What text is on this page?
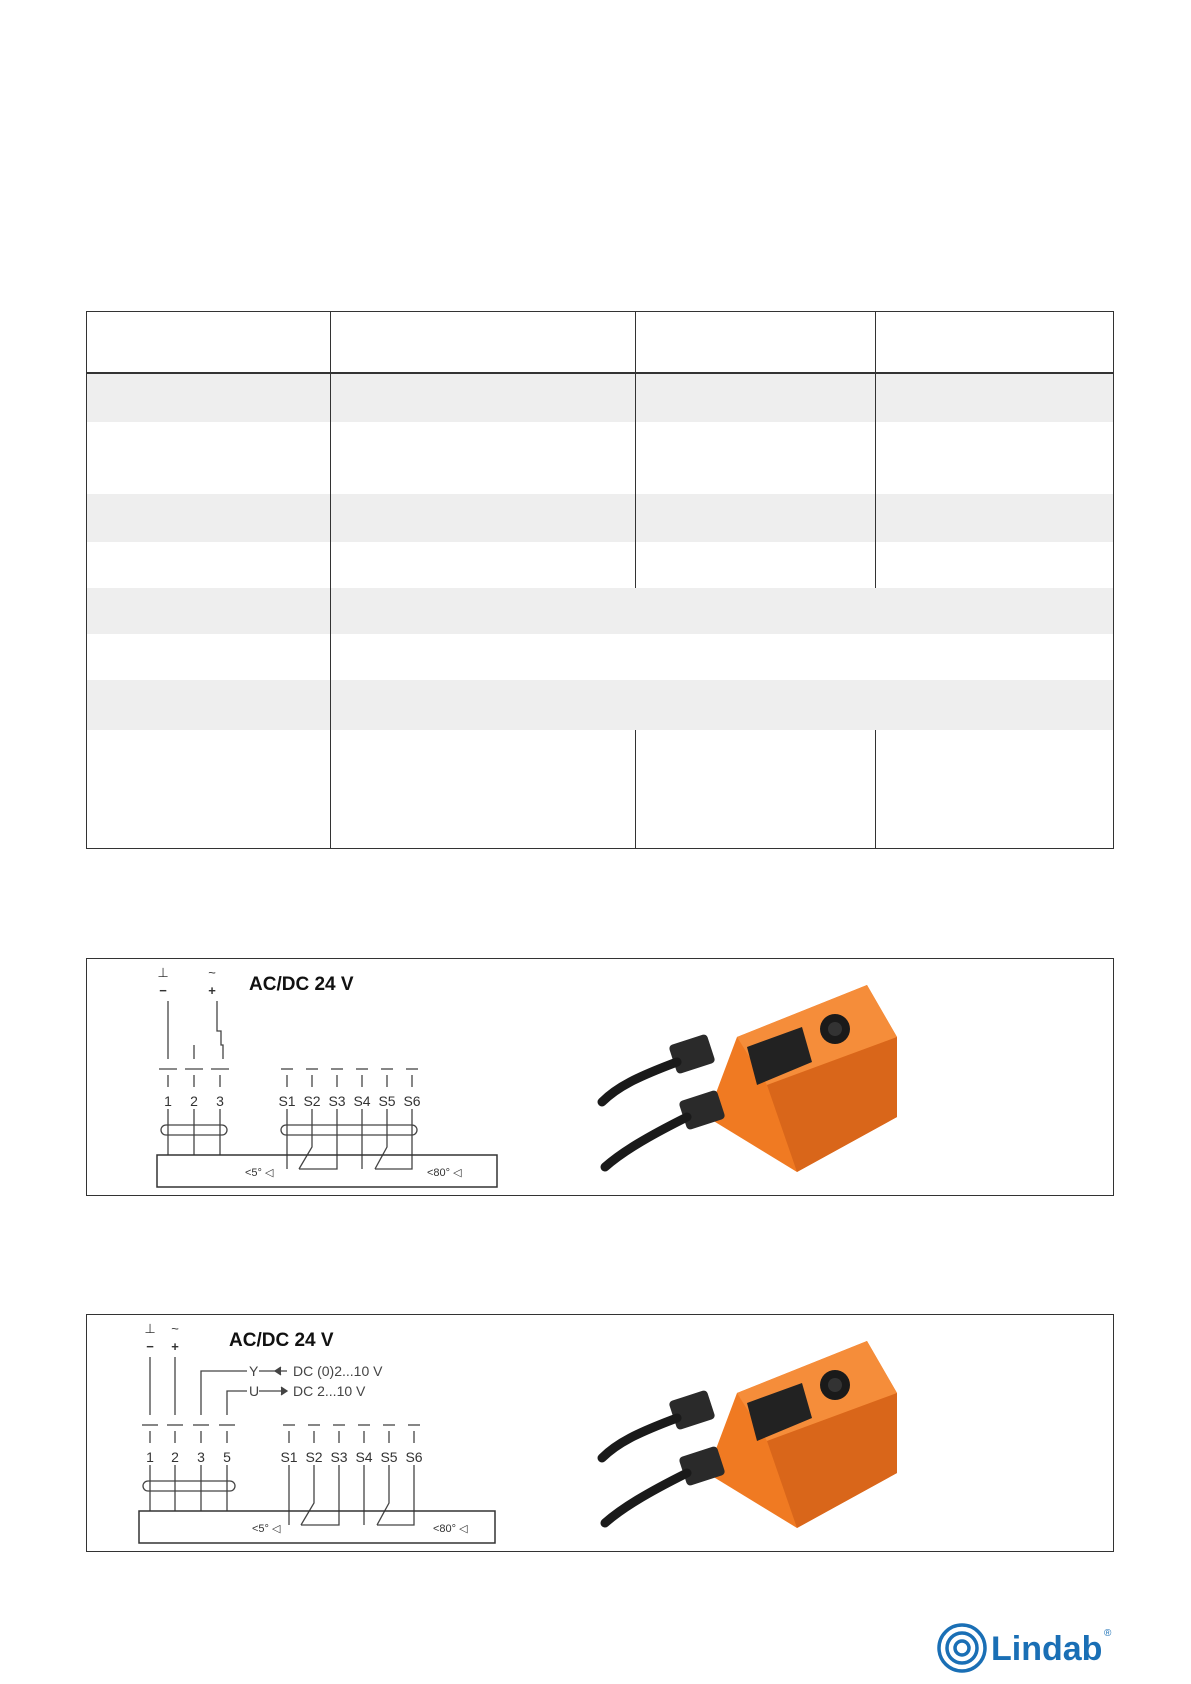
AC/DC 24 V
⊥	~
−	+
1 2 3	S1 S2 S3 S4 S5 S6
<5° ◁	<80° ◁
AC/DC 24 V
⊥ ~
− +
Y
U
DC (0)2...10 V
DC 2...10 V
1 2 3 5	S1 S2 S3 S4 S5 S6
<5° ◁	<80° ◁
Lindab ®
